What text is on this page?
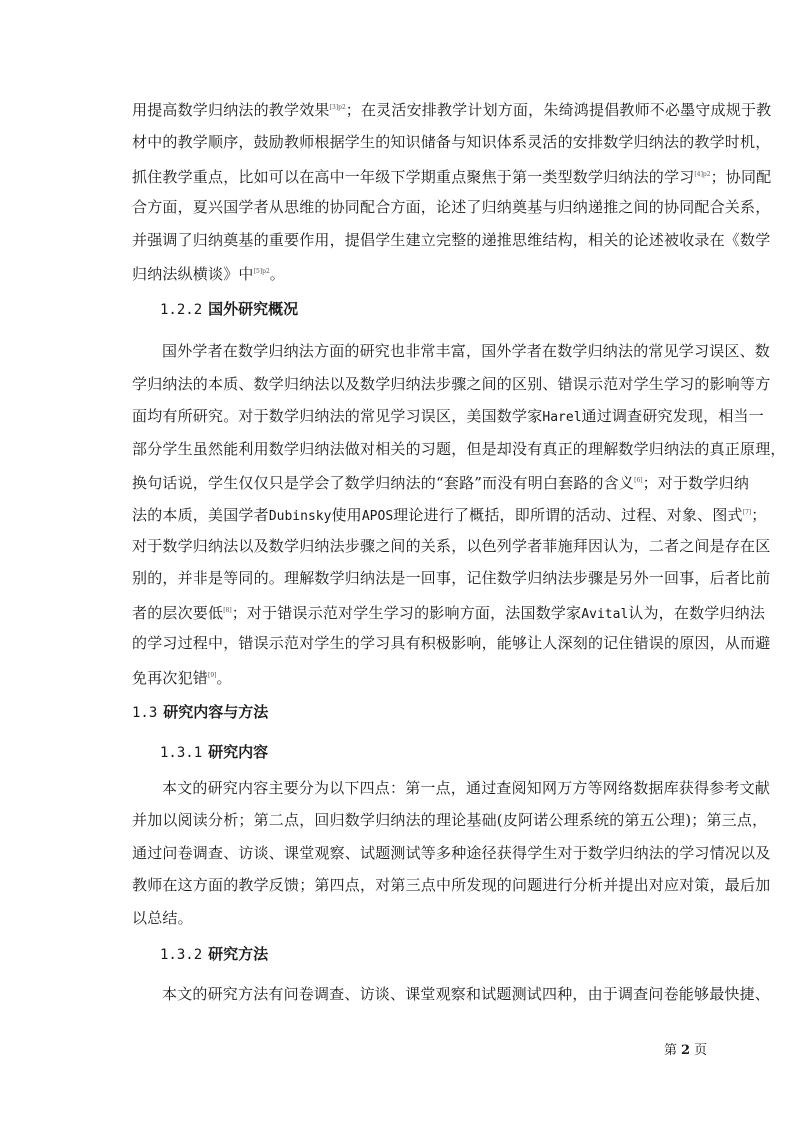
用提高数学归纳法的教学效果$^{[3]p2}$；在灵活安排教学计划方面，朱绮鸿提倡教师不必墨守成规于教
材中的教学顺序，鼓励教师根据学生的知识储备与知识体系灵活的安排数学归纳法的教学时机，
抓住教学重点，比如可以在高中一年级下学期重点聚焦于第一类型数学归纳法的学习$^{[4]p2}$；协同配
合方面，夏兴国学者从思维的协同配合方面，论述了归纳奠基与归纳递推之间的协同配合关系，
并强调了归纳奠基的重要作用，提倡学生建立完整的递推思维结构，相关的论述被收录在《数学
归纳法纵横谈》中$^{[5]p2}$。
1.2.2 国外研究概况
国外学者在数学归纳法方面的研究也非常丰富，国外学者在数学归纳法的常见学习误区、数
学归纳法的本质、数学归纳法以及数学归纳法步骤之间的区别、错误示范对学生学习的影响等方
面均有所研究。对于数学归纳法的常见学习误区，美国数学家Harel通过调查研究发现，相当一
部分学生虽然能利用数学归纳法做对相关的习题，但是却没有真正的理解数学归纳法的真正原理，
换句话说，学生仅仅只是学会了数学归纳法的“套路”而没有明白套路的含义[6]；对于数学归纳
法的本质，美国学者Dubinsky使用APOS理论进行了概括，即所谓的活动、过程、对象、图式[7]；
对于数学归纳法以及数学归纳法步骤之间的关系，以色列学者菲施拜因认为，二者之间是存在区
别的，并非是等同的。理解数学归纳法是一回事，记住数学归纳法步骤是另外一回事，后者比前
者的层次要低[8]；对于错误示范对学生学习的影响方面，法国数学家Avital认为，在数学归纳法
的学习过程中，错误示范对学生的学习具有积极影响，能够让人深刻的记住错误的原因，从而避
免再次犯错[9]。
1.3 研究内容与方法
1.3.1 研究内容
本文的研究内容主要分为以下四点：第一点，通过查阅知网万方等网络数据库获得参考文献
并加以阅读分析；第二点，回归数学归纳法的理论基础(皮阿诺公理系统的第五公理)；第三点，
通过问卷调查、访谈、课堂观察、试题测试等多种途径获得学生对于数学归纳法的学习情况以及
教师在这方面的教学反馈；第四点，对第三点中所发现的问题进行分析并提出对应对策，最后加
以总结。
1.3.2 研究方法
本文的研究方法有问卷调查、访谈、课堂观察和试题测试四种，由于调查问卷能够最快捷、
第 2 页
